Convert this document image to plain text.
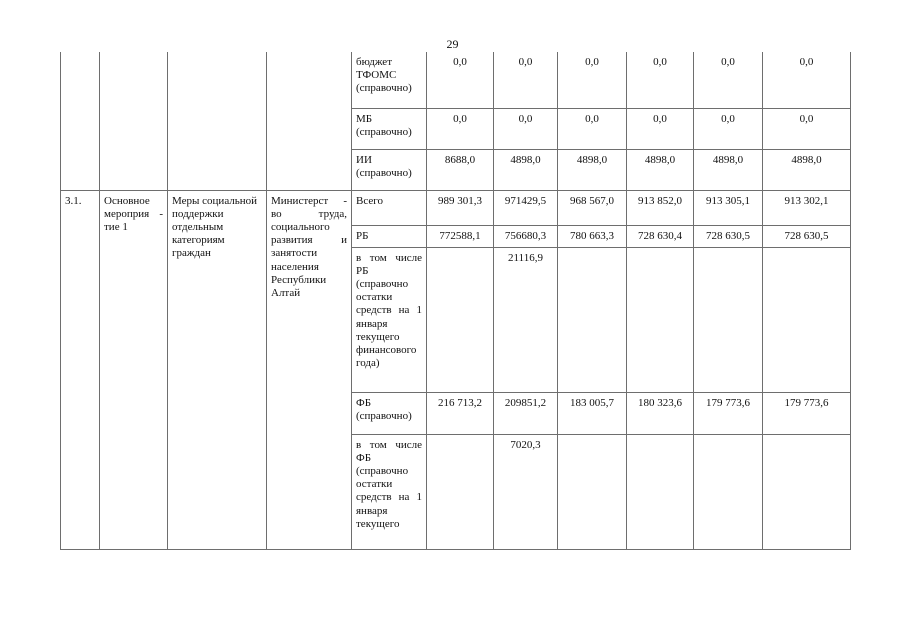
29
				бюджет ТФОМС (справочно)	0,0	0,0	0,0	0,0	0,0	0,0
				МБ (справочно)	0,0	0,0	0,0	0,0	0,0	0,0
				ИИ (справочно)	8688,0	4898,0	4898,0	4898,0	4898,0	4898,0
3.1.	Основное мероприя - тие 1	Меры социальной поддержки отдельным категориям граждан	Министерст - во труда, социального развития и занятости населения Республики Алтай	Всего	989 301,3	971429,5	968 567,0	913 852,0	913 305,1	913 302,1
				РБ	772588,1	756680,3	780 663,3	728 630,4	728 630,5	728 630,5
				в том числе РБ (справочно остатки средств на 1 января текущего финансового года)		21116,9				
				ФБ (справочно)	216 713,2	209851,2	183 005,7	180 323,6	179 773,6	179 773,6
				в том числе ФБ (справочно остатки средств на 1 января текущего		7020,3				
